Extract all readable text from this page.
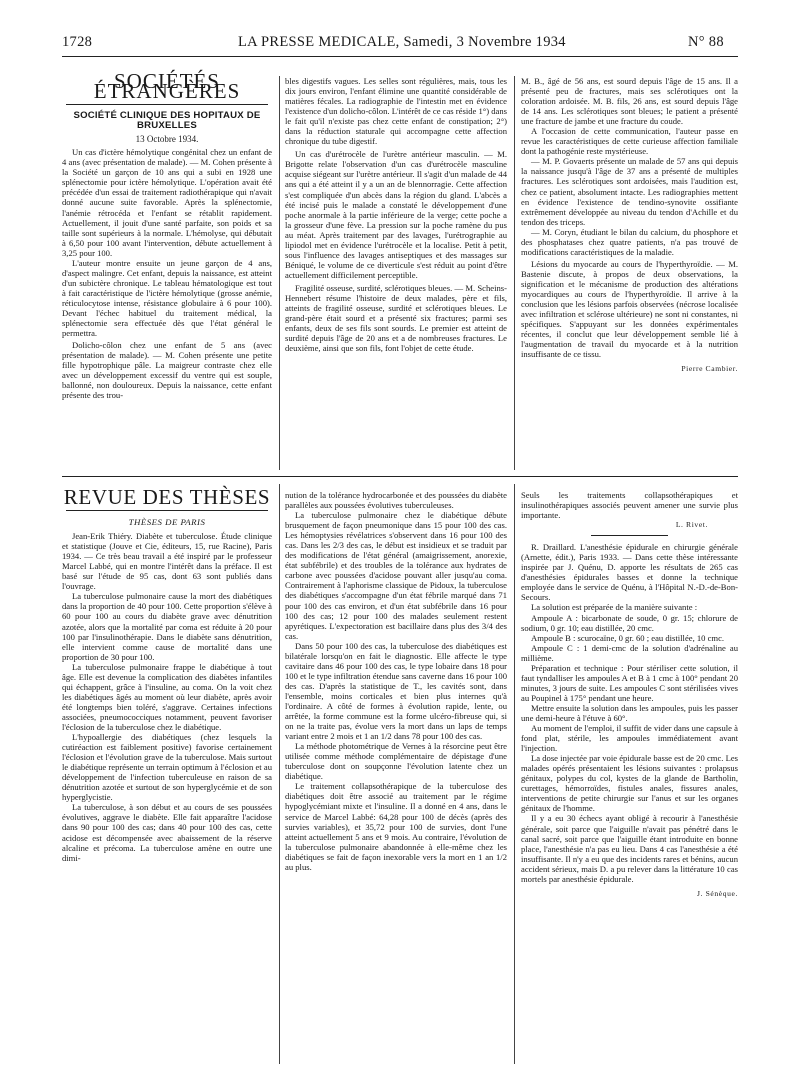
1728	LA PRESSE MEDICALE, Samedi, 3 Novembre 1934	N° 88
SOCIÉTÉS ÉTRANGÈRES
SOCIÉTÉ CLINIQUE DES HOPITAUX DE BRUXELLES
13 Octobre 1934.

Un cas d'ictère hémolytique congénital chez un enfant de 4 ans (avec présentation de malade). — M. Cohen présente à la Société un garçon de 10 ans qui a subi en 1928 une splénectomie pour ictère hémolytique. L'opération avait été précédée d'un essai de traitement radiothérapique qui n'avait donné aucune suite favorable. Après la splénectomie, l'anémie rétrocéda et l'enfant se rétablit rapidement. Actuellement, il jouit d'une santé parfaite, son poids et sa taille sont supérieurs à la normale. L'hémolyse, qui débutait à 6,50 pour 100 avant l'intervention, débute actuellement à 3,25 pour 100.

L'auteur montre ensuite un jeune garçon de 4 ans, d'aspect malingre. Cet enfant, depuis la naissance, est atteint d'un subictère chronique. Le tableau hématologique est tout à fait caractéristique de l'ictère hémolytique (grosse anémie, réticulocytose intense, résistance globulaire à 6 pour 100). Devant l'échec habituel du traitement médical, la splénectomie sera effectuée dès que l'état général le permettra.

Dolicho-côlon chez une enfant de 5 ans (avec présentation de malade). — M. Cohen présente une petite fille hypotrophique pâle. La maigreur contraste chez elle avec un développement excessif du ventre qui est souple, ballonné, non douloureux. Depuis la naissance, cette enfant présente des trou-

bles digestifs vagues. Les selles sont régulières, mais, tous les dix jours environ, l'enfant élimine une quantité considérable de matières fécales. La radiographie de l'intestin met en évidence l'existence d'un dolicho-côlon. L'intérêt de ce cas réside 1°) dans le fait qu'il n'existe pas chez cette enfant de constipation; 2°) dans la réduction staturale qui accompagne cette affection chronique du tube digestif.

Un cas d'urétrocèle de l'urètre antérieur masculin. — M. Brigotte relate l'observation d'un cas d'urétrocèle masculine acquise siégeant sur l'urètre antérieur. Il s'agit d'un malade de 44 ans qui a été atteint il y a un an de blennorragie. Cette affection s'est compliquée d'un abcès dans la région du gland. L'abcès a été incisé puis le malade a constaté le développement d'une poche anormale à la partie inférieure de la verge; cette poche a la grosseur d'une fève. La pression sur la poche ramène du pus au méat. Après traitement par des lavages, l'urétrographie au lipiodol met en évidence l'urétrocèle et la localise. Petit à petit, sous l'influence des lavages antiseptiques et des massages sur Béniqué, le volume de ce diverticule s'est réduit au point d'être actuellement difficilement perceptible.

Fragilité osseuse, surdité, sclérotiques bleues. — M. Scheins-Hennebert résume l'histoire de deux malades, père et fils, atteints de fragilité osseuse, surdité et sclérotiques bleues. Le grand-père était sourd et a présenté six fractures; parmi ses enfants, deux de ses fils sont sourds. Le premier est atteint de surdité depuis l'âge de 20 ans et a de nombreuses fractures. Le deuxième, ainsi que son fils, font l'objet de cette étude.

M. B., âgé de 56 ans, est sourd depuis l'âge de 15 ans. Il a présenté peu de fractures, mais ses sclérotiques ont la coloration ardoisée. M. B. fils, 26 ans, est sourd depuis l'âge de 14 ans. Les sclérotiques sont bleues; le patient a présenté une fracture de jambe et une fracture du coude.

A l'occasion de cette communication, l'auteur passe en revue les caractéristiques de cette curieuse affection familiale dont la pathogénie reste mystérieuse.

— M. P. Govaerts présente un malade de 57 ans qui depuis la naissance jusqu'à l'âge de 37 ans a présenté de multiples fractures. Les sclérotiques sont ardoisées, mais l'audition est, chez ce patient, absolument intacte. Les radiographies mettent en évidence l'existence de tendino-synovite ossifiante extrêmement développée au niveau du tendon d'Achille et du tendon des triceps.

— M. Coryn, étudiant le bilan du calcium, du phosphore et des phosphatases chez quatre patients, n'a pas trouvé de modifications caractéristiques de la maladie.

Lésions du myocarde au cours de l'hyperthyroïdie. — M. Bastenie discute, à propos de deux observations, la signification et le mécanisme de production des altérations myocardiques au cours de l'hyperthyroïdie. Il arrive à la conclusion que les lésions parfois observées (nécrose localisée avec infiltration et sclérose ultérieure) ne sont ni constantes, ni spécifiques. S'appuyant sur les données expérimentales récentes, il conclut que leur développement semble lié à l'augmentation de travail du myocarde et à la nutrition insuffisante de ce tissu.

Pierre Cambier.
REVUE DES THÈSES
THÈSES DE PARIS

Jean-Erik Thiéry. Diabète et tuberculose. Étude clinique et statistique (Jouve et Cie, éditeurs, 15, rue Racine), Paris 1934. — Ce très beau travail a été inspiré par le professeur Marcel Labbé, qui en montre l'intérêt dans la préface. Il est basé sur l'étude de 95 cas, dont 63 sont publiés dans l'ouvrage.

La tuberculose pulmonaire cause la mort des diabétiques dans la proportion de 40 pour 100. Cette proportion s'élève à 60 pour 100 au cours du diabète grave avec dénutrition azotée, alors que la mortalité par coma est réduite à 20 pour 100 par l'insulinothérapie. Dans le diabète sans dénutrition, elle intervient comme cause de mortalité dans une proportion de 30 pour 100.

La tuberculose pulmonaire frappe le diabétique à tout âge. Elle est devenue la complication des diabètes infantiles qui échappent, grâce à l'insuline, au coma. On la voit chez les diabétiques âgés au moment où leur diabète, après avoir été longtemps bien toléré, s'aggrave. Certaines infections associées, pneumococciques notamment, peuvent favoriser l'éclosion de la tuberculose chez le diabétique.

L'hypoallergie des diabétiques (chez lesquels la cutiréaction est faiblement positive) favorise certainement l'éclosion et l'évolution grave de la tuberculose. Mais surtout le diabétique représente un terrain optimum à l'éclosion et au développement de l'infection tuberculeuse en raison de sa dénutrition azotée et surtout de son hyperglycémie et de son hyperglycistie.

La tuberculose, à son début et au cours de ses poussées évolutives, aggrave le diabète. Elle fait apparaître l'acidose dans 90 pour 100 des cas; dans 40 pour 100 des cas, cette acidose est décompensée avec abaissement de la réserve alcaline et précoma. La tuberculose amène en outre une dimi-

nution de la tolérance hydrocarbonée et des poussées du diabète parallèles aux poussées évolutives tuberculeuses.

La tuberculose pulmonaire chez le diabétique débute brusquement de façon pneumonique dans 15 pour 100 des cas. Les hémoptysies révélatrices s'observent dans 16 pour 100 des cas. Dans les 2/3 des cas, le début est insidieux et se traduit par des modifications de l'état général (amaigrissement, anorexie, état subfébrile) et des troubles de la tolérance aux hydrates de carbone avec poussées d'acidose pouvant aller jusqu'au coma. Contrairement à l'aphorisme classique de Pidoux, la tuberculose des diabétiques s'accompagne d'un état fébrile marqué dans 71 pour 100 des cas environ, et d'un état subfébrile dans 16 pour 100 des cas; 12 pour 100 des malades seulement restent apyrétiques. L'expectoration est bacillaire dans plus des 3/4 des cas.

Dans 50 pour 100 des cas, la tuberculose des diabétiques est bilatérale lorsqu'on en fait le diagnostic. Elle affecte le type cavitaire dans 46 pour 100 des cas, le type lobaire dans 18 pour 100 et le type infiltration étendue sans caverne dans 16 pour 100 des cas. D'après la statistique de T., les cavités sont, dans l'ensemble, moins corticales et bien plus internes qu'à l'ordinaire. A côté de formes à évolution rapide, lente, ou arrêtée, la forme commune est la forme ulcéro-fibreuse qui, si on ne la traite pas, évolue vers la mort dans un laps de temps variant entre 2 mois et 1 an 1/2 dans 78 pour 100 des cas.

La méthode photométrique de Vernes à la résorcine peut être utilisée comme méthode complémentaire de dépistage d'une tuberculose dont on soupçonne l'évolution latente chez un diabétique.

Le traitement collapsothérapique de la tuberculose des diabétiques doit être associé au traitement par le régime hypoglycémiant mixte et l'insuline. Il a donné en 4 ans, dans le service de Marcel Labbé: 64,28 pour 100 de décès (après des survies variables), et 35,72 pour 100 de survies, dont l'une atteint actuellement 5 ans et 9 mois. Au contraire, l'évolution de la tuberculose pulmonaire abandonnée à elle-même chez les diabétiques se fait de façon inexorable vers la mort en 1 an 1/2 au plus.

Seuls les traitements collapsothérapiques et insulinothérapiques associés peuvent amener une survie plus importante.

L. Rivet.

R. Draillard. L'anesthésie épidurale en chirurgie générale (Arnette, édit.), Paris 1933. — Dans cette thèse intéressante inspirée par J. Quénu, D. apporte les résultats de 265 cas d'anesthésies épidurales basses et donne la technique employée dans le service de Quénu, à l'Hôpital N.-D.-de-Bon-Secours.

La solution est préparée de la manière suivante :

Ampoule A : bicarbonate de soude, 0 gr. 15; chlorure de sodium, 0 gr. 10; eau distillée, 20 cmc.

Ampoule B : scurocaïne, 0 gr. 60 ; eau distillée, 10 cmc.

Ampoule C : 1 demi-cmc de la solution d'adrénaline au millième.

Préparation et technique : Pour stériliser cette solution, il faut tyndalliser les ampoules A et B à 1 cmc à 100° pendant 20 minutes, 3 jours de suite. Les ampoules C sont stérilisées vives au Poupinel à 175° pendant une heure.

Mettre ensuite la solution dans les ampoules, puis les passer une demi-heure à l'étuve à 60°.

Au moment de l'emploi, il suffit de vider dans une capsule à fond plat, stérile, les ampoules immédiatement avant l'injection.

La dose injectée par voie épidurale basse est de 20 cmc. Les malades opérés présentaient les lésions suivantes : prolapsus génitaux, polypes du col, kystes de la glande de Bartholin, curettages, hémorroïdes, fistules anales, fissures anales, interventions de petite chirurgie sur l'anus et sur les organes génitaux de l'homme.

Il y a eu 30 échecs ayant obligé à recourir à l'anesthésie générale, soit parce que l'aiguille n'avait pas pénétré dans le canal sacré, soit parce que l'aiguille étant introduite en bonne place, l'anesthésie n'a pas eu lieu. Dans 4 cas l'anesthésie a été insuffisante. Il n'y a eu que des incidents rares et bénins, aucun accident sérieux, mais D. a pu relever dans la littérature 10 cas mortels par anesthésie épidurale.

J. Sénèque.
